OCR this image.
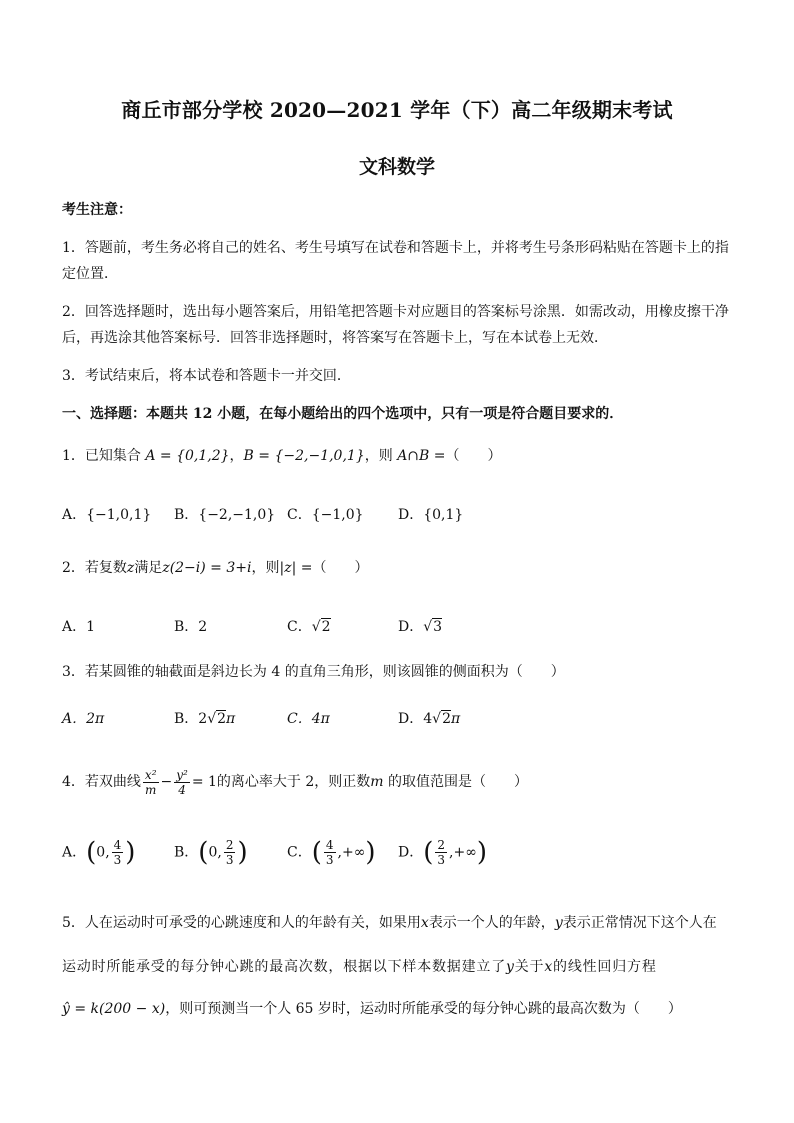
商丘市部分学校 2020—2021 学年（下）高二年级期末考试
文科数学
考生注意：
1．答题前，考生务必将自己的姓名、考生号填写在试卷和答题卡上，并将考生号条形码粘贴在答题卡上的指
定位置．
2．回答选择题时，选出每小题答案后，用铅笔把答题卡对应题目的答案标号涂黑．如需改动，用橡皮擦干净
后，再选涂其他答案标号．回答非选择题时，将答案写在答题卡上，写在本试卷上无效．
3．考试结束后，将本试卷和答题卡一并交回．
一、选择题：本题共 12 小题，在每小题给出的四个选项中，只有一项是符合题目要求的．
1．已知集合 A = {0,1,2}，B = {−2,−1,0,1}，则 A∩B =（　　）
A．{−1,0,1} B．{−2,−1,0} C．{−1,0} D．{0,1}
2．若复数z满足z(2−i) = 3+i，则|z| =（　　）
A．1	B．2	C．√2	D．√3
3．若某圆锥的轴截面是斜边长为 4 的直角三角形，则该圆锥的侧面积为（　　）
A．2π	B．2√2π	C．4π	D．4√2π
4．若双曲线 $\frac{\text{x²}}{m} - \frac{\text{y²}}{4} = 1$的离心率大于 2，则正数m 的取值范围是（　　）
A．(0, $\frac{4}{3}$ )	B．(0, $\frac{2}{3}$ )	C．( $\frac{4}{3}$ ,+∞) D．( $\frac{2}{3}$ ,+∞)
5．人在运动时可承受的心跳速度和人的年龄有关，如果用x表示一个人的年龄，y表示正常情况下这个人在
运动时所能承受的每分钟心跳的最高次数，根据以下样本数据建立了y关于x的线性回归方程
ŷ = k(200 − x)，则可预测当一个人 65 岁时，运动时所能承受的每分钟心跳的最高次数为（　　）
